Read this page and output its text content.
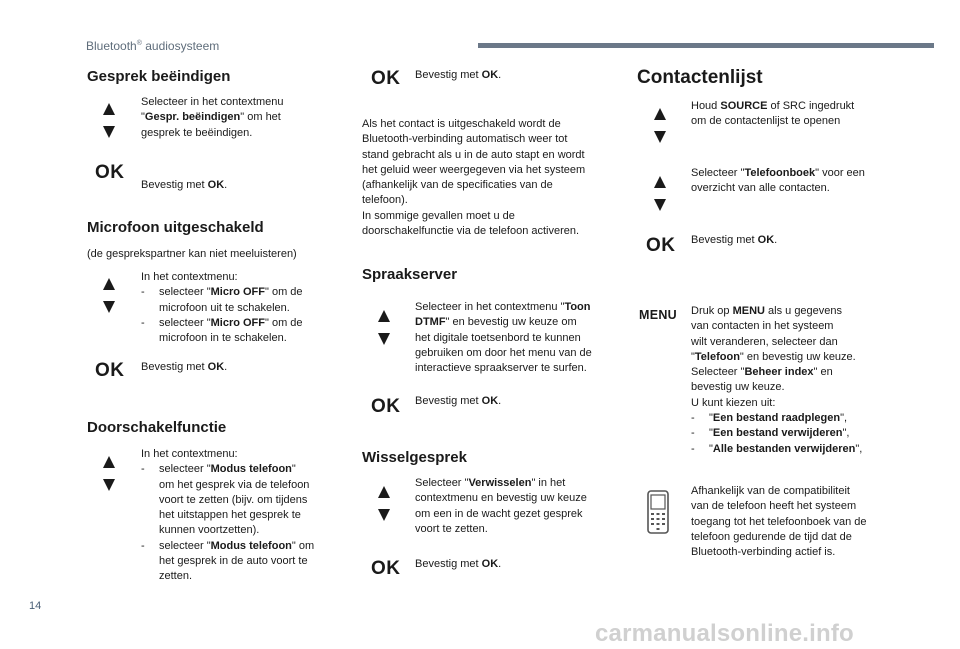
Bluetooth® audiosysteem
Gesprek beëindigen

Selecteer in het contextmenu
"Gespr. beëindigen" om het
gesprek te beëindigen.

OK

Bevestig met OK.

Microfoon uitgeschakeld

(de gesprekspartner kan niet meeluisteren)

In het contextmenu:
-	selecteer "Micro OFF" om de
microfoon uit te schakelen.
-	selecteer "Micro OFF" om de
microfoon in te schakelen.
OK Bevestig met OK.

Doorschakelfunctie
In het contextmenu:
-	selecteer "Modus telefoon"
om het gesprek via de telefoon
voort te zetten (bijv. om tijdens
het uitstappen het gesprek te
kunnen voortzetten).
-	selecteer "Modus telefoon" om
het gesprek in de auto voort te
zetten.
OK Bevestig met OK.

Als het contact is uitgeschakeld wordt de
Bluetooth-verbinding automatisch weer tot
stand gebracht als u in de auto stapt en wordt
het geluid weer weergegeven via het systeem
(afhankelijk van de specificaties van de
telefoon).
In sommige gevallen moet u de
doorschakelfunctie via de telefoon activeren.
Spraakserver

Selecteer in het contextmenu "Toon
DTMF" en bevestig uw keuze om
het digitale toetsenbord te kunnen
gebruiken om door het menu van de
interactieve spraakserver te surfen.

OK Bevestig met OK.

Wisselgesprek

Selecteer "Verwisselen" in het
contextmenu en bevestig uw keuze
om een in de wacht gezet gesprek
voort te zetten.

OK Bevestig met OK.

Contactenlijst

Houd SOURCE of SRC ingedrukt
om de contactenlijst te openen

Selecteer "Telefoonboek" voor een
overzicht van alle contacten.

OK Bevestig met OK.

MENU Druk op MENU als u gegevens
van contacten in het systeem
wilt veranderen, selecteer dan
"Telefoon" en bevestig uw keuze.
Selecteer "Beheer index" en
bevestig uw keuze.
U kunt kiezen uit:
-	"Een bestand raadplegen",
-	"Een bestand verwijderen",
-	"Alle bestanden verwijderen",
Afhankelijk van de compatibiliteit
van de telefoon heeft het systeem
toegang tot het telefoonboek van de
telefoon gedurende de tijd dat de
Bluetooth-verbinding actief is.
14
carmanualsonline.info
